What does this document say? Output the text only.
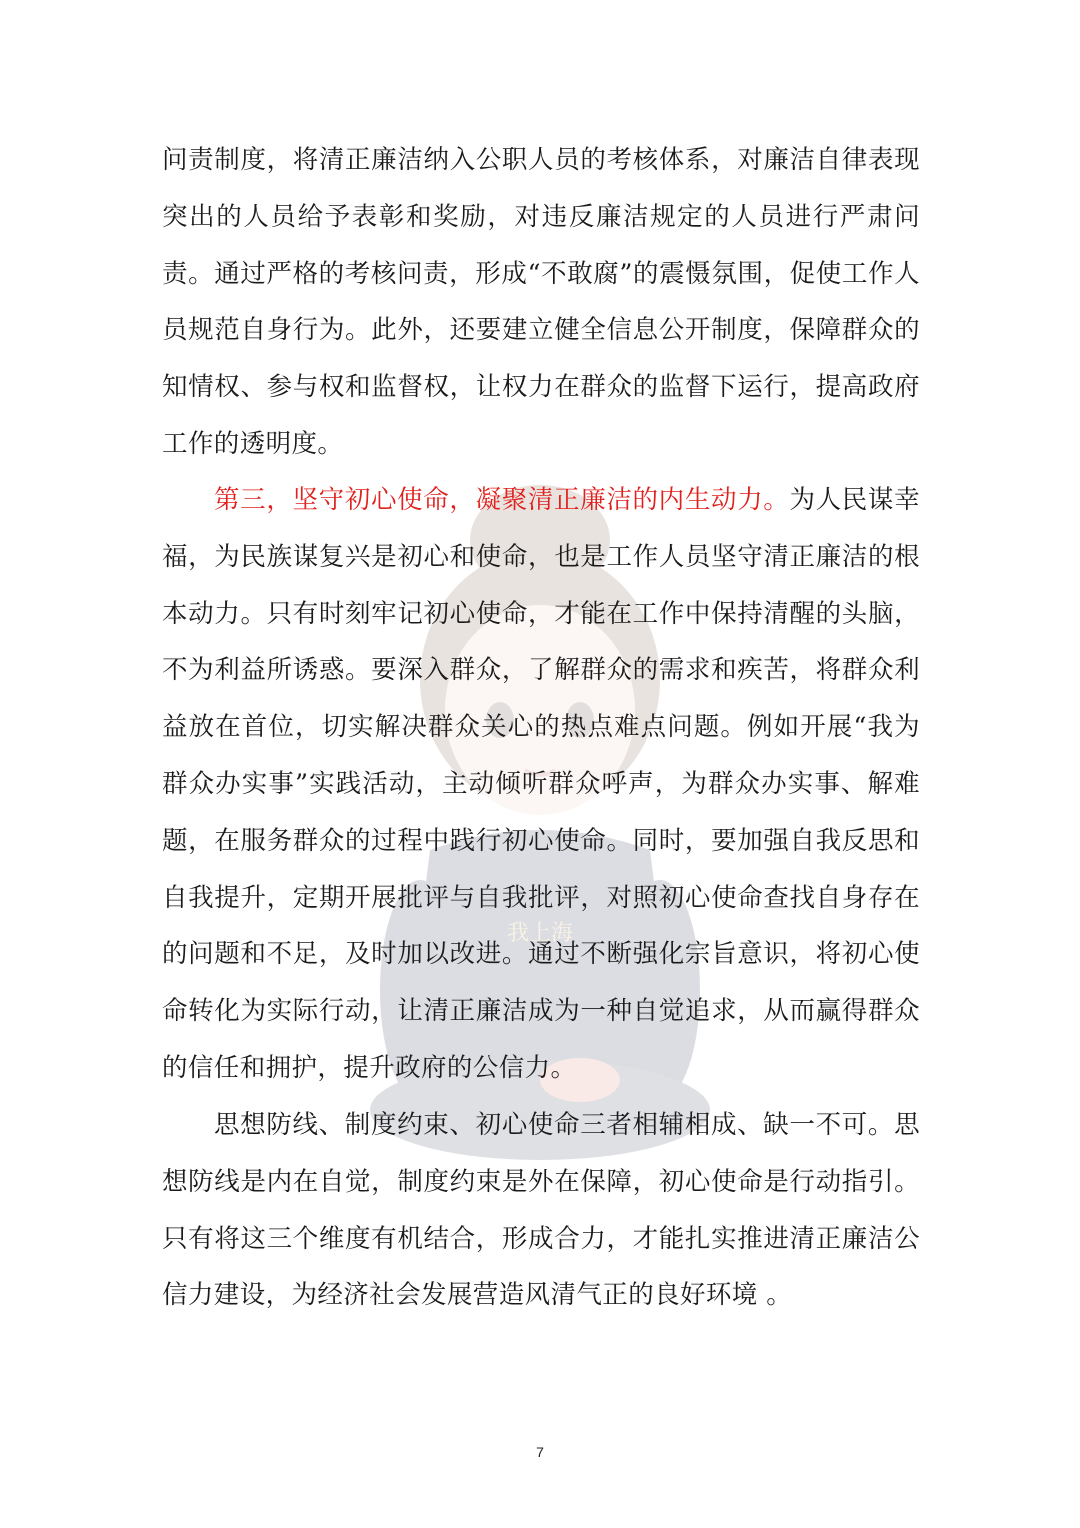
我上海

问责制度，将清正廉洁纳入公职人员的考核体系，对廉洁自律表现突出的人员给予表彰和奖励，对违反廉洁规定的人员进行严肃问责。通过严格的考核问责，形成“不敢腐”的震慑氛围，促使工作人员规范自身行为。此外，还要建立健全信息公开制度，保障群众的知情权、参与权和监督权，让权力在群众的监督下运行，提高政府工作的透明度。

第三，坚守初心使命，凝聚清正廉洁的内生动力。为人民谋幸福，为民族谋复兴是初心和使命，也是工作人员坚守清正廉洁的根本动力。只有时刻牢记初心使命，才能在工作中保持清醒的头脑，不为利益所诱惑。要深入群众，了解群众的需求和疾苦，将群众利益放在首位，切实解决群众关心的热点难点问题。例如开展“我为群众办实事”实践活动，主动倾听群众呼声，为群众办实事、解难题，在服务群众的过程中践行初心使命。同时，要加强自我反思和自我提升，定期开展批评与自我批评，对照初心使命查找自身存在的问题和不足，及时加以改进。通过不断强化宗旨意识，将初心使命转化为实际行动，让清正廉洁成为一种自觉追求，从而赢得群众的信任和拥护，提升政府的公信力。

思想防线、制度约束、初心使命三者相辅相成、缺一不可。思想防线是内在自觉，制度约束是外在保障，初心使命是行动指引。只有将这三个维度有机结合，形成合力，才能扎实推进清正廉洁公信力建设，为经济社会发展营造风清气正的良好环境 。

7
